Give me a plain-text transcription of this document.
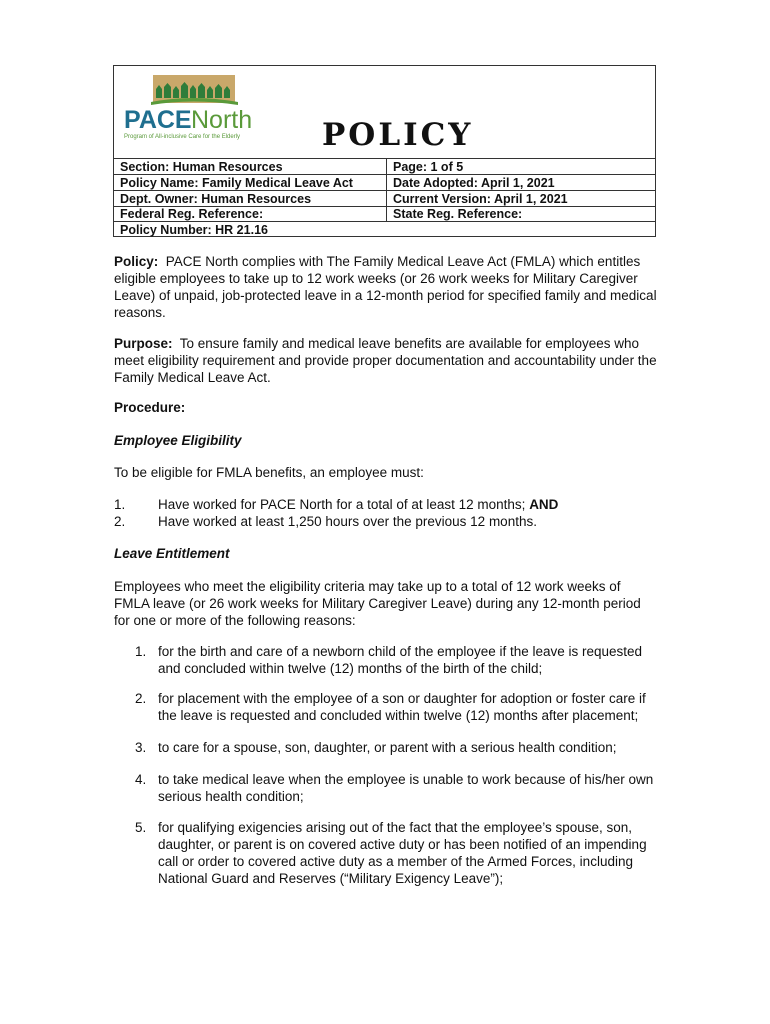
PACE North
Program of All-inclusive Care for the Elderly	POLICY
Section: Human Resources
Policy Name: Family Medical Leave Act
Dept. Owner: Human Resources
Federal Reg. Reference:
Policy Number: HR 21.16
Page: 1 of 5
Date Adopted: April 1, 2021
Current Version: April 1, 2021
State Reg. Reference:
Policy: PACE North complies with The Family Medical Leave Act (FMLA) which entitles eligible employees to take up to 12 work weeks (or 26 work weeks for Military Caregiver Leave) of unpaid, job-protected leave in a 12-month period for specified family and medical reasons.
Purpose: To ensure family and medical leave benefits are available for employees who meet eligibility requirement and provide proper documentation and accountability under the Family Medical Leave Act.
Procedure:
Employee Eligibility
To be eligible for FMLA benefits, an employee must:
1. Have worked for PACE North for a total of at least 12 months; AND
2. Have worked at least 1,250 hours over the previous 12 months.
Leave Entitlement
Employees who meet the eligibility criteria may take up to a total of 12 work weeks of FMLA leave (or 26 work weeks for Military Caregiver Leave) during any 12-month period for one or more of the following reasons:
1. for the birth and care of a newborn child of the employee if the leave is requested and concluded within twelve (12) months of the birth of the child;
2. for placement with the employee of a son or daughter for adoption or foster care if the leave is requested and concluded within twelve (12) months after placement;
3. to care for a spouse, son, daughter, or parent with a serious health condition;
4. to take medical leave when the employee is unable to work because of his/her own serious health condition;
5. for qualifying exigencies arising out of the fact that the employee’s spouse, son, daughter, or parent is on covered active duty or has been notified of an impending call or order to covered active duty as a member of the Armed Forces, including National Guard and Reserves (“Military Exigency Leave”);
